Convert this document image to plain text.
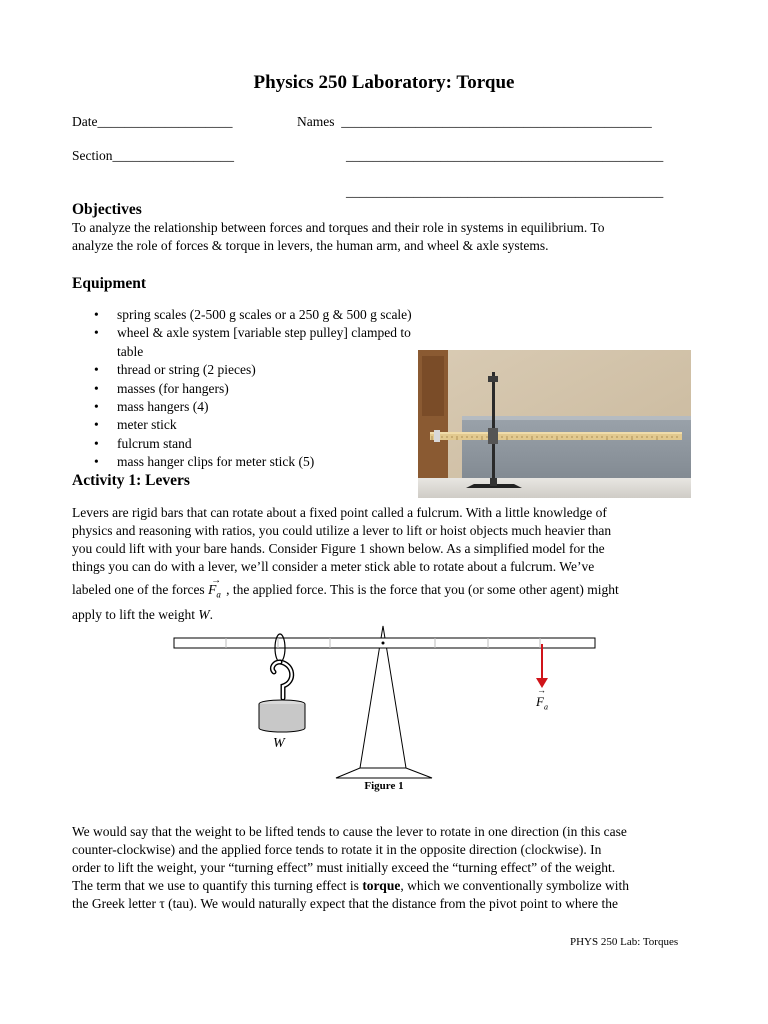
Physics 250 Laboratory: Torque
Date____________________	Names  ______________________________________________
Section__________________	_______________________________________________
_______________________________________________
Objectives
To analyze the relationship between forces and torques and their role in systems in equilibrium. To
analyze the role of forces & torque in levers, the human arm, and wheel & axle systems.
Equipment
• spring scales (2-500 g scales or a 250 g & 500 g scale)
• wheel & axle system [variable step pulley] clamped to table
• thread or string (2 pieces)
• masses (for hangers)
• mass hangers (4)
• meter stick
• fulcrum stand
• mass hanger clips for meter stick (5)
Activity 1: Levers
Levers are rigid bars that can rotate about a fixed point called a fulcrum. With a little knowledge of
physics and reasoning with ratios, you could utilize a lever to lift or hoist objects much heavier than
you could lift with your bare hands. Consider Figure 1 shown below. As a simplified model for the
things you can do with a lever, we’ll consider a meter stick able to rotate about a fulcrum. We’ve
labeled one of the forces
→
$F_a$ , the applied force. This is the force that you (or some other agent) might
apply to lift the weight W.
W
→
$F_a$
Figure 1
We would say that the weight to be lifted tends to cause the lever to rotate in one direction (in this case
counter-clockwise) and the applied force tends to rotate it in the opposite direction (clockwise). In
order to lift the weight, your “turning effect” must initially exceed the “turning effect” of the weight.
The term that we use to quantify this turning effect is torque, which we conventionally symbolize with
the Greek letter τ (tau). We would naturally expect that the distance from the pivot point to where the
PHYS 250 Lab: Torques
